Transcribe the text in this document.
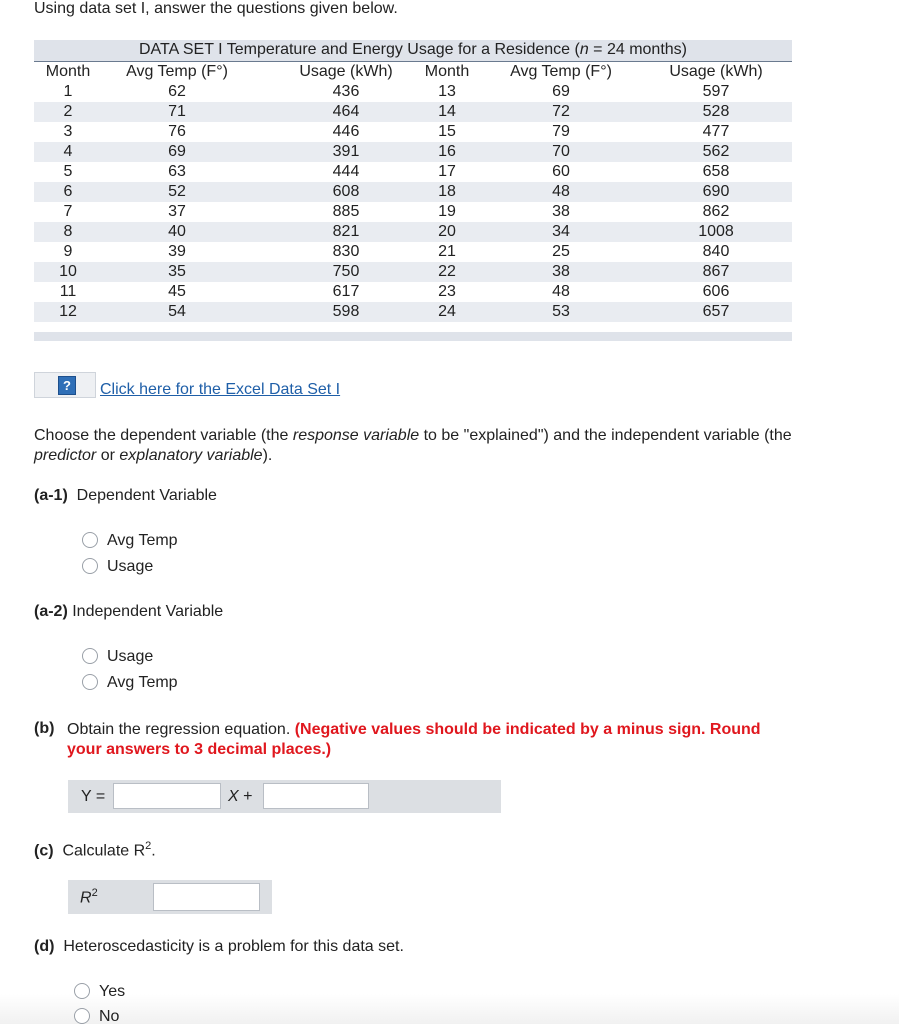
Using data set I, answer the questions given below.
DATA SET I Temperature and Energy Usage for a Residence (n = 24 months)
Month	Avg Temp (F°)	Usage (kWh)	Month	Avg Temp (F°)	Usage (kWh)
1	62	436	13	69	597
2	71	464	14	72	528
3	76	446	15	79	477
4	69	391	16	70	562
5	63	444	17	60	658
6	52	608	18	48	690
7	37	885	19	38	862
8	40	821	20	34	1008
9	39	830	21	25	840
10	35	750	22	38	867
11	45	617	23	48	606
12	54	598	24	53	657
?	Click here for the Excel Data Set I
Choose the dependent variable (the response variable to be "explained") and the independent variable (the
predictor or explanatory variable).
(a-1) Dependent Variable
Avg Temp
Usage
(a-2) Independent Variable
Usage
Avg Temp
(b) Obtain the regression equation. (Negative values should be indicated by a minus sign. Round
your answers to 3 decimal places.)
Y =	X +
(c) Calculate $R^2$.
$R^2$
(d) Heteroscedasticity is a problem for this data set.
Yes
No
